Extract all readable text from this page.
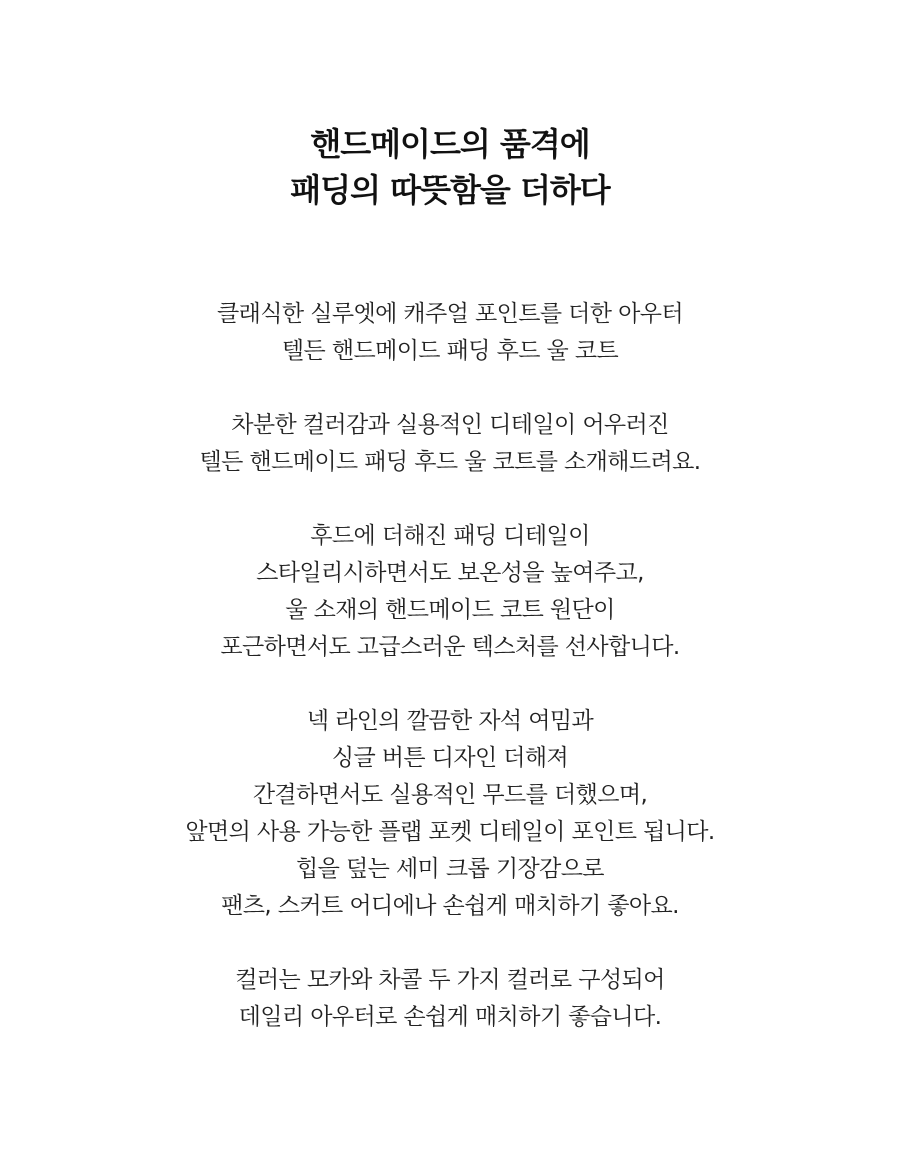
핸드메이드의 품격에
패딩의 따뜻함을 더하다
클래식한 실루엣에 캐주얼 포인트를 더한 아우터
텔든 핸드메이드 패딩 후드 울 코트
차분한 컬러감과 실용적인 디테일이 어우러진
텔든 핸드메이드 패딩 후드 울 코트를 소개해드려요.
후드에 더해진 패딩 디테일이
스타일리시하면서도 보온성을 높여주고,
울 소재의 핸드메이드 코트 원단이
포근하면서도 고급스러운 텍스처를 선사합니다.
넥 라인의 깔끔한 자석 여밈과
싱글 버튼 디자인 더해져
간결하면서도 실용적인 무드를 더했으며,
앞면의 사용 가능한 플랩 포켓 디테일이 포인트 됩니다.
힙을 덮는 세미 크롭 기장감으로
팬츠, 스커트 어디에나 손쉽게 매치하기 좋아요.
컬러는 모카와 차콜 두 가지 컬러로 구성되어
데일리 아우터로 손쉽게 매치하기 좋습니다.
